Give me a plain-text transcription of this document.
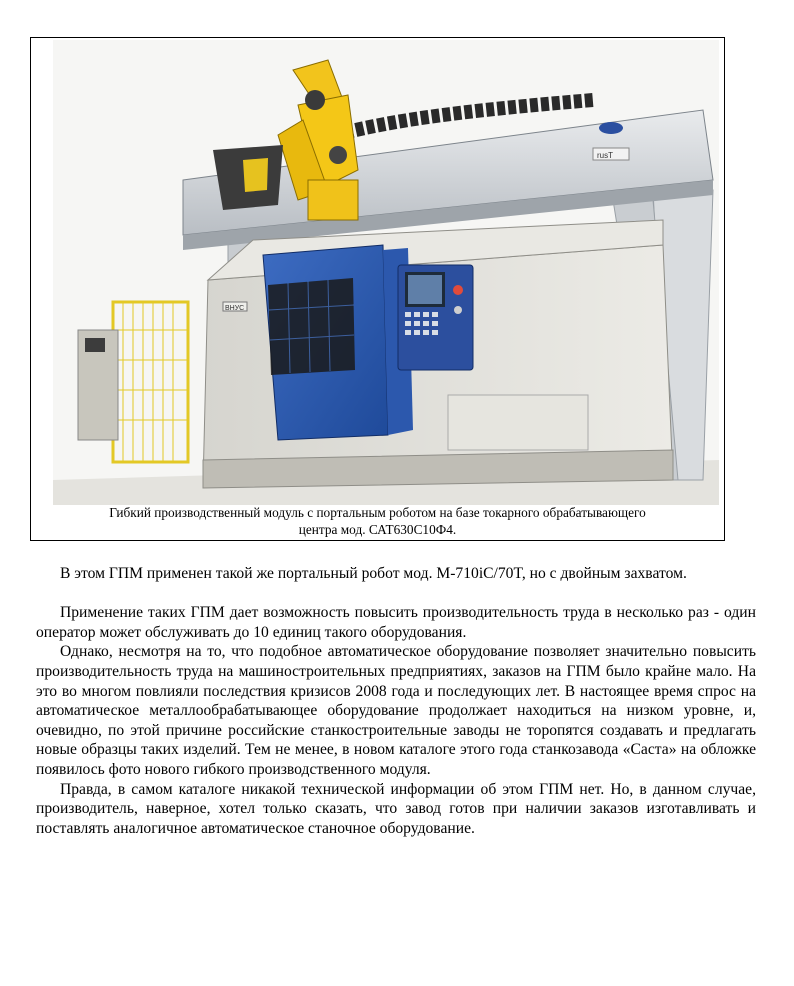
rusT
ВНУС
Гибкий производственный модуль с портальным роботом на базе токарного обрабатывающего
центра мод. САТ630С10Ф4.

В этом ГПМ применен такой же портальный робот мод. М-710iC/70T, но с двойным захватом.

Применение таких ГПМ дает возможность повысить производительность труда в несколько раз - один оператор может обслуживать до 10 единиц такого оборудования.

Однако, несмотря на то, что подобное автоматическое оборудование позволяет значительно повысить производительность труда на машиностроительных предприятиях, заказов на ГПМ было крайне мало. На это во многом повлияли последствия кризисов 2008 года и последующих лет. В настоящее время спрос на автоматическое металлообрабатывающее оборудование продолжает находиться на низком уровне, и, очевидно, по этой причине российские станкостроительные заводы не торопятся создавать и предлагать новые образцы таких изделий. Тем не менее, в новом каталоге этого года станкозавода «Саста» на обложке появилось фото нового гибкого производственного модуля.

Правда, в самом каталоге никакой технической информации об этом ГПМ нет. Но, в данном случае, производитель, наверное, хотел только сказать, что завод готов при наличии заказов изготавливать и поставлять аналогичное автоматическое станочное оборудование.
